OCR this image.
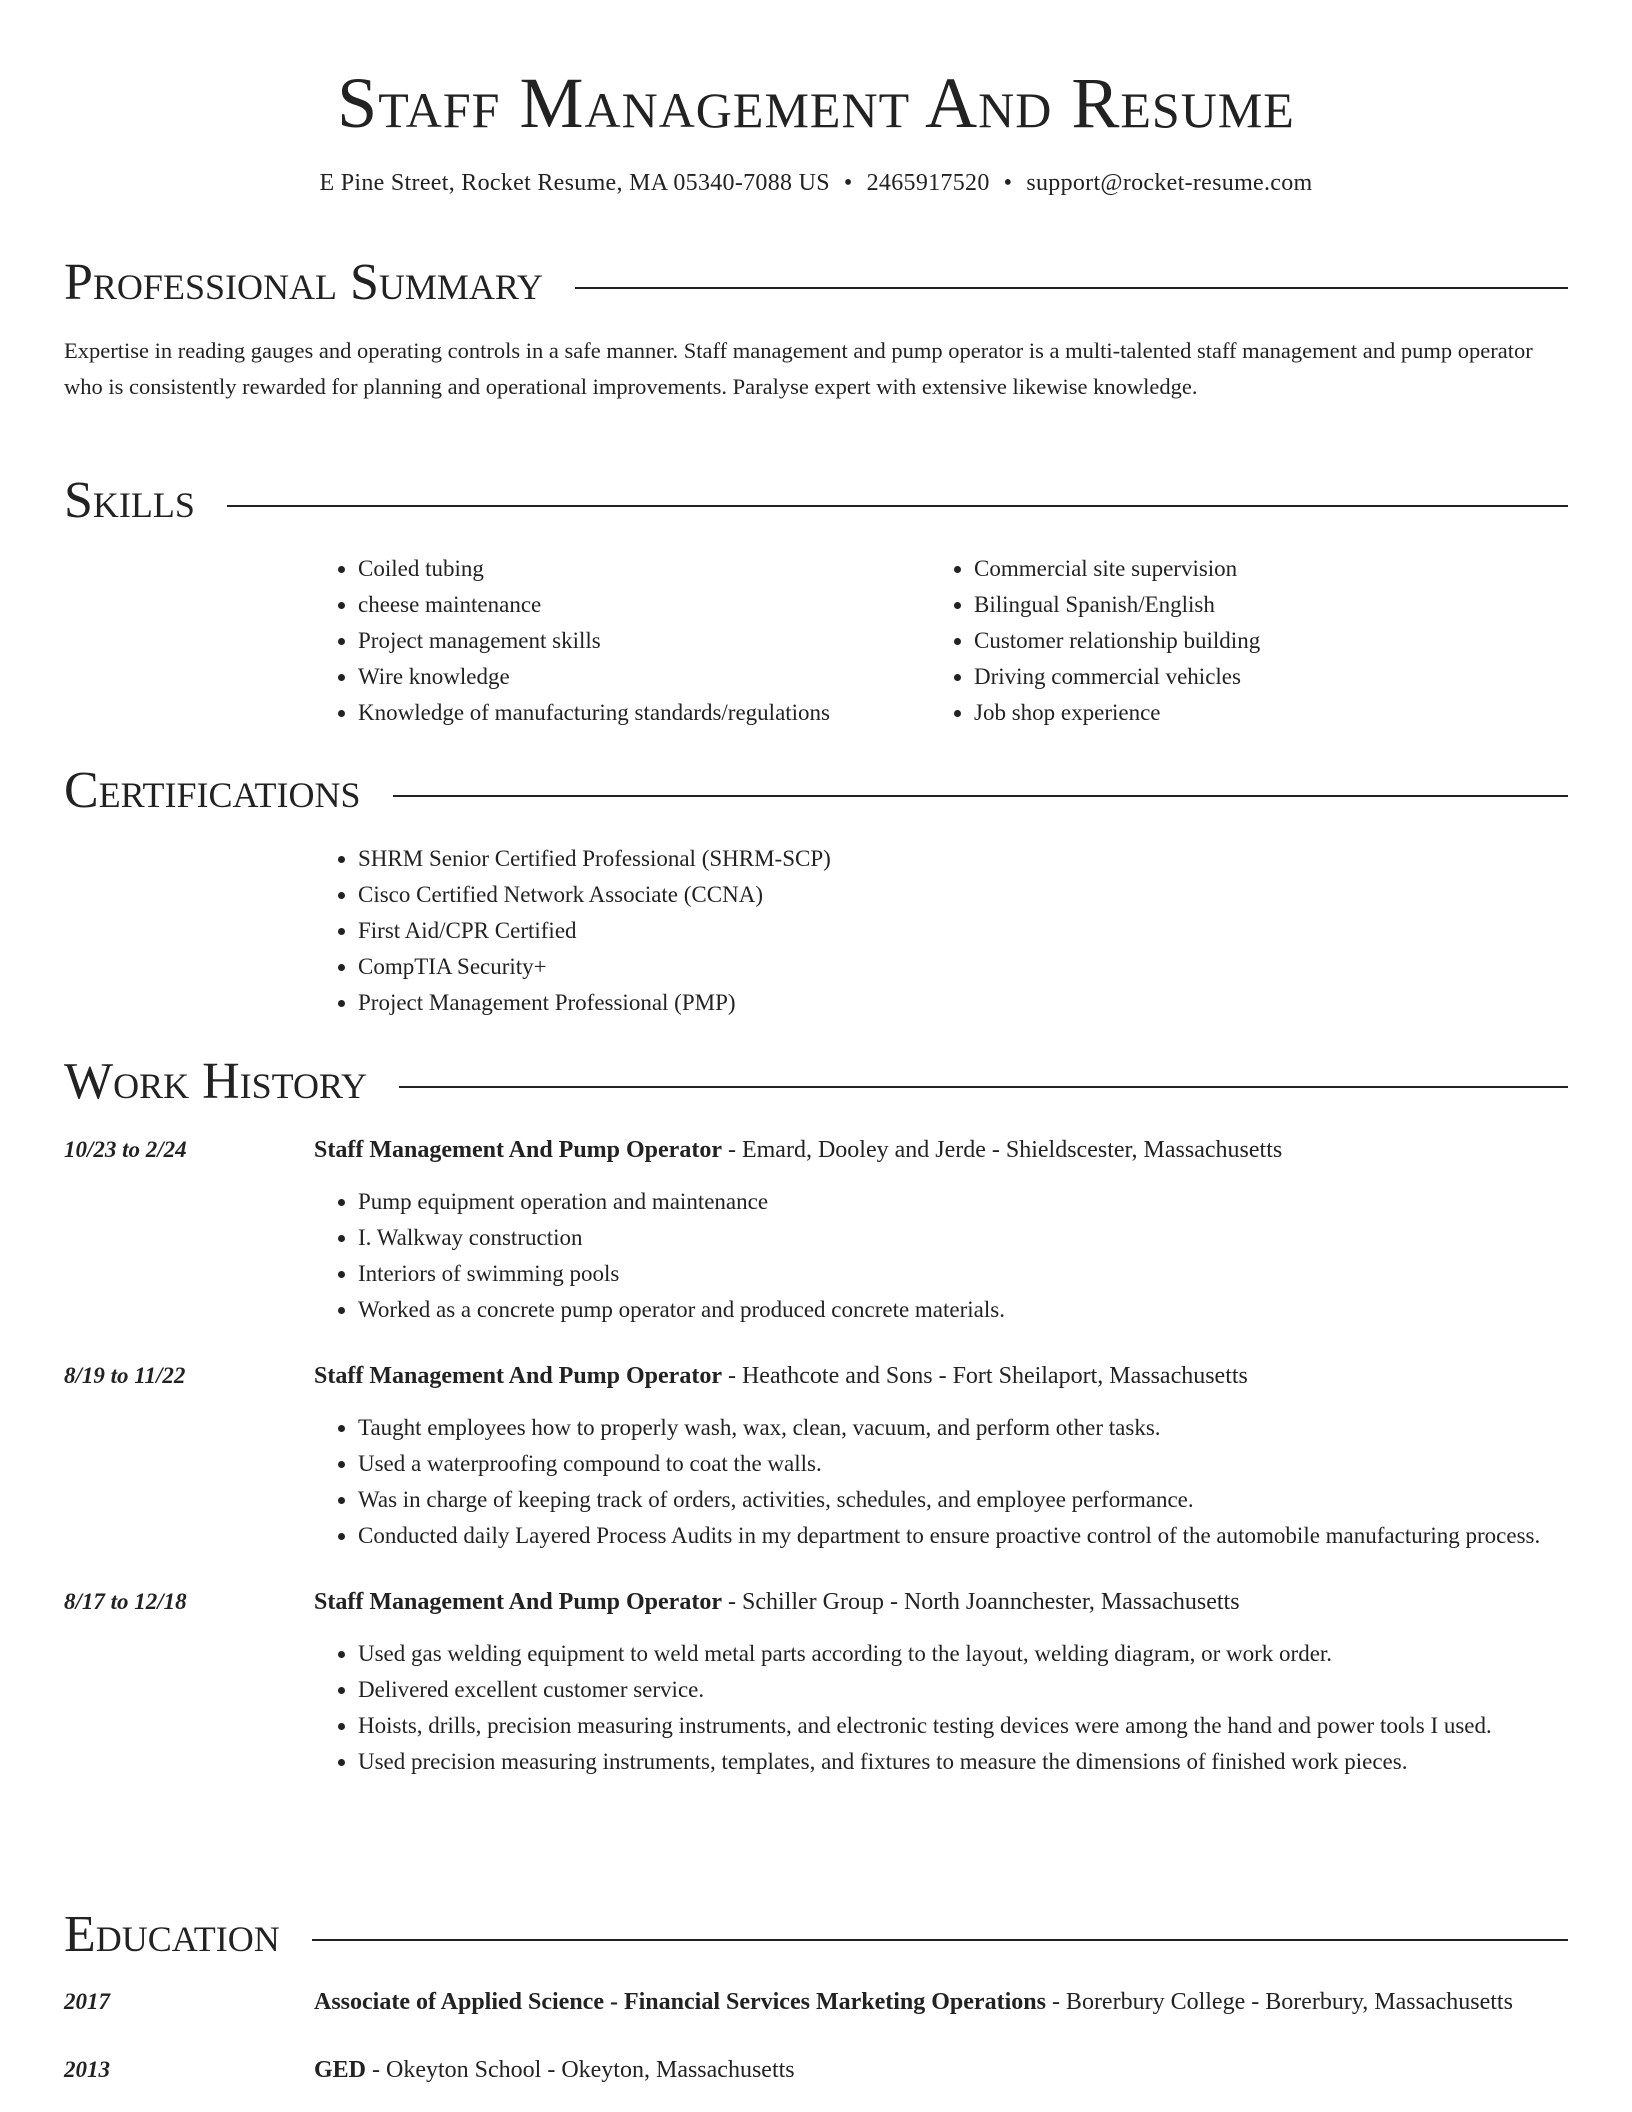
Staff Management And Resume
E Pine Street, Rocket Resume, MA 05340-7088 US • 2465917520 • support@rocket-resume.com
Professional Summary

Expertise in reading gauges and operating controls in a safe manner. Staff management and pump operator is a multi-talented staff management and pump operator who is consistently rewarded for planning and operational improvements. Paralyse expert with extensive likewise knowledge.

Skills
• Coiled tubing
• cheese maintenance
• Project management skills
• Wire knowledge
• Knowledge of manufacturing standards/regulations
• Commercial site supervision
• Bilingual Spanish/English
• Customer relationship building
• Driving commercial vehicles
• Job shop experience
Certifications
• SHRM Senior Certified Professional (SHRM-SCP)
• Cisco Certified Network Associate (CCNA)
• First Aid/CPR Certified
• CompTIA Security+
• Project Management Professional (PMP)
Work History
10/23 to 2/24	Staff Management And Pump Operator - Emard, Dooley and Jerde - Shieldscester, Massachusetts
• Pump equipment operation and maintenance
• I. Walkway construction
• Interiors of swimming pools
• Worked as a concrete pump operator and produced concrete materials.
8/19 to 11/22	Staff Management And Pump Operator - Heathcote and Sons - Fort Sheilaport, Massachusetts
• Taught employees how to properly wash, wax, clean, vacuum, and perform other tasks.
• Used a waterproofing compound to coat the walls.
• Was in charge of keeping track of orders, activities, schedules, and employee performance.
• Conducted daily Layered Process Audits in my department to ensure proactive control of the automobile manufacturing process.
8/17 to 12/18	Staff Management And Pump Operator - Schiller Group - North Joannchester, Massachusetts
• Used gas welding equipment to weld metal parts according to the layout, welding diagram, or work order.
• Delivered excellent customer service.
• Hoists, drills, precision measuring instruments, and electronic testing devices were among the hand and power tools I used.
• Used precision measuring instruments, templates, and fixtures to measure the dimensions of finished work pieces.
Education
2017	Associate of Applied Science - Financial Services Marketing Operations - Borerbury College - Borerbury, Massachusetts
2013	GED - Okeyton School - Okeyton, Massachusetts
